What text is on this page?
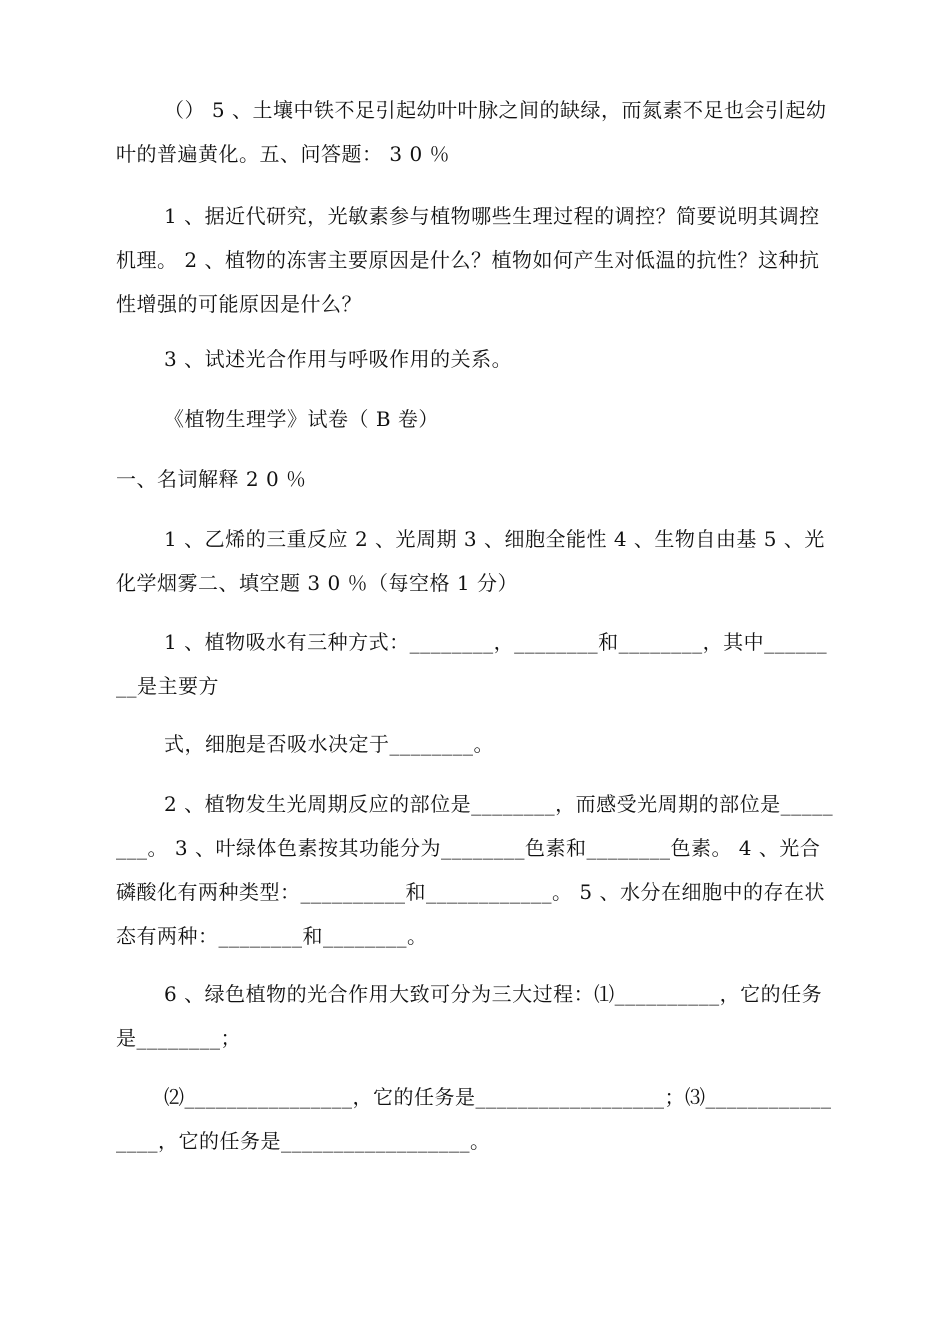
（） 5 、土壤中铁不足引起幼叶叶脉之间的缺绿，而氮素不足也会引起幼叶的普遍黄化。五、问答题： 3 0 ％

1 、据近代研究，光敏素参与植物哪些生理过程的调控？简要说明其调控机理。 2 、植物的冻害主要原因是什么？植物如何产生对低温的抗性？这种抗性增强的可能原因是什么？

3 、试述光合作用与呼吸作用的关系。

《植物生理学》试卷（ B 卷）

一、名词解释 2 0 ％

1 、乙烯的三重反应 2 、光周期 3 、细胞全能性 4 、生物自由基 5 、光化学烟雾二、填空题 3 0 ％（每空格 1 分）

1 、植物吸水有三种方式：________，________和________，其中________是主要方

式，细胞是否吸水决定于________。

2 、植物发生光周期反应的部位是________，而感受光周期的部位是________。 3 、叶绿体色素按其功能分为________色素和________色素。 4 、光合磷酸化有两种类型：__________和____________。 5 、水分在细胞中的存在状态有两种：________和________。

6 、绿色植物的光合作用大致可分为三大过程：⑴__________，它的任务是________；

⑵________________，它的任务是__________________；⑶________________，它的任务是__________________。
